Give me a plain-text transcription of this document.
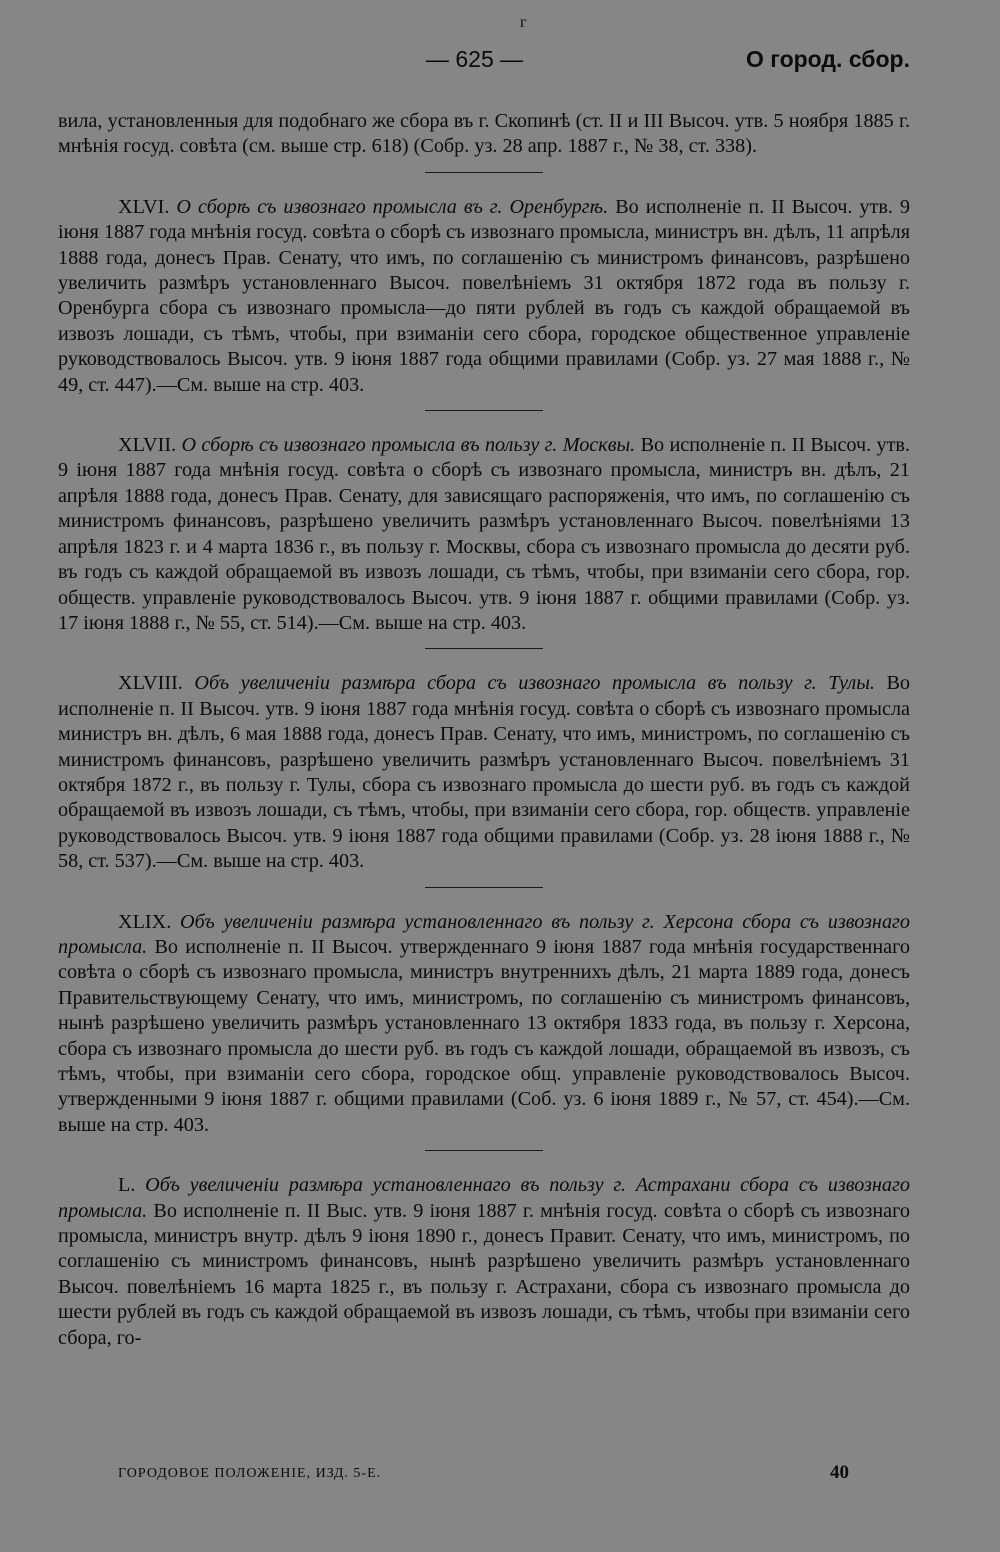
г
— 625 —	О город. сбор.

вила, установленныя для подобнаго же сбора въ г. Скопинѣ (ст. II и III Высоч. утв. 5 ноября 1885 г. мнѣнія госуд. совѣта (см. выше стр. 618) (Собр. уз. 28 апр. 1887 г., № 38, ст. 338).

XLVI. О сборѣ съ извознаго промысла въ г. Оренбургѣ. Во исполненіе п. II Высоч. утв. 9 іюня 1887 года мнѣнія госуд. совѣта о сборѣ съ извознаго промысла, министръ вн. дѣлъ, 11 апрѣля 1888 года, донесъ Прав. Сенату, что имъ, по соглашенію съ министромъ финансовъ, разрѣшено увеличить размѣръ установленнаго Высоч. повелѣніемъ 31 октября 1872 года въ пользу г. Оренбурга сбора съ извознаго промысла—до пяти рублей въ годъ съ каждой обращаемой въ извозъ лошади, съ тѣмъ, чтобы, при взиманіи сего сбора, городское общественное управленіе руководствовалось Высоч. утв. 9 іюня 1887 года общими правилами (Собр. уз. 27 мая 1888 г., № 49, ст. 447).—См. выше на стр. 403.

XLVII. О сборѣ съ извознаго промысла въ пользу г. Москвы. Во исполненіе п. II Высоч. утв. 9 іюня 1887 года мнѣнія госуд. совѣта о сборѣ съ извознаго промысла, министръ вн. дѣлъ, 21 апрѣля 1888 года, донесъ Прав. Сенату, для зависящаго распоряженія, что имъ, по соглашенію съ министромъ финансовъ, разрѣшено увеличить размѣръ установленнаго Высоч. повелѣніями 13 апрѣля 1823 г. и 4 марта 1836 г., въ пользу г. Москвы, сбора съ извознаго промысла до десяти руб. въ годъ съ каждой обращаемой въ извозъ лошади, съ тѣмъ, чтобы, при взиманіи сего сбора, гор. обществ. управленіе руководствовалось Высоч. утв. 9 іюня 1887 г. общими правилами (Собр. уз. 17 іюня 1888 г., № 55, ст. 514).—См. выше на стр. 403.

XLVIII. Объ увеличеніи размѣра сбора съ извознаго промысла въ пользу г. Тулы. Во исполненіе п. II Высоч. утв. 9 іюня 1887 года мнѣнія госуд. совѣта о сборѣ съ извознаго промысла министръ вн. дѣлъ, 6 мая 1888 года, донесъ Прав. Сенату, что имъ, министромъ, по соглашенію съ министромъ финансовъ, разрѣшено увеличить размѣръ установленнаго Высоч. повелѣніемъ 31 октября 1872 г., въ пользу г. Тулы, сбора съ извознаго промысла до шести руб. въ годъ съ каждой обращаемой въ извозъ лошади, съ тѣмъ, чтобы, при взиманіи сего сбора, гор. обществ. управленіе руководствовалось Высоч. утв. 9 іюня 1887 года общими правилами (Собр. уз. 28 іюня 1888 г., № 58, ст. 537).—См. выше на стр. 403.

XLIX. Объ увеличеніи размѣра установленнаго въ пользу г. Херсона сбора съ извознаго промысла. Во исполненіе п. II Высоч. утвержденнаго 9 іюня 1887 года мнѣнія государственнаго совѣта о сборѣ съ извознаго промысла, министръ внутреннихъ дѣлъ, 21 марта 1889 года, донесъ Правительствующему Сенату, что имъ, министромъ, по соглашенію съ министромъ финансовъ, нынѣ разрѣшено увеличить размѣръ установленнаго 13 октября 1833 года, въ пользу г. Херсона, сбора съ извознаго промысла до шести руб. въ годъ съ каждой лошади, обращаемой въ извозъ, съ тѣмъ, чтобы, при взиманіи сего сбора, городское общ. управленіе руководствовалось Высоч. утвержденными 9 іюня 1887 г. общими правилами (Соб. уз. 6 іюня 1889 г., № 57, ст. 454).—См. выше на стр. 403.

L. Объ увеличеніи размѣра установленнаго въ пользу г. Астрахани сбора съ извознаго промысла. Во исполненіе п. II Выс. утв. 9 іюня 1887 г. мнѣнія госуд. совѣта о сборѣ съ извознаго промысла, министръ внутр. дѣлъ 9 іюня 1890 г., донесъ Правит. Сенату, что имъ, министромъ, по соглашенію съ министромъ финансовъ, нынѣ разрѣшено увеличить размѣръ установленнаго Высоч. повелѣніемъ 16 марта 1825 г., въ пользу г. Астрахани, сбора съ извознаго промысла до шести рублей въ годъ съ каждой обращаемой въ извозъ лошади, съ тѣмъ, чтобы при взиманіи сего сбора, го-

ГОРОДОВОЕ ПОЛОЖЕНІЕ, ИЗД. 5-Е.	40
